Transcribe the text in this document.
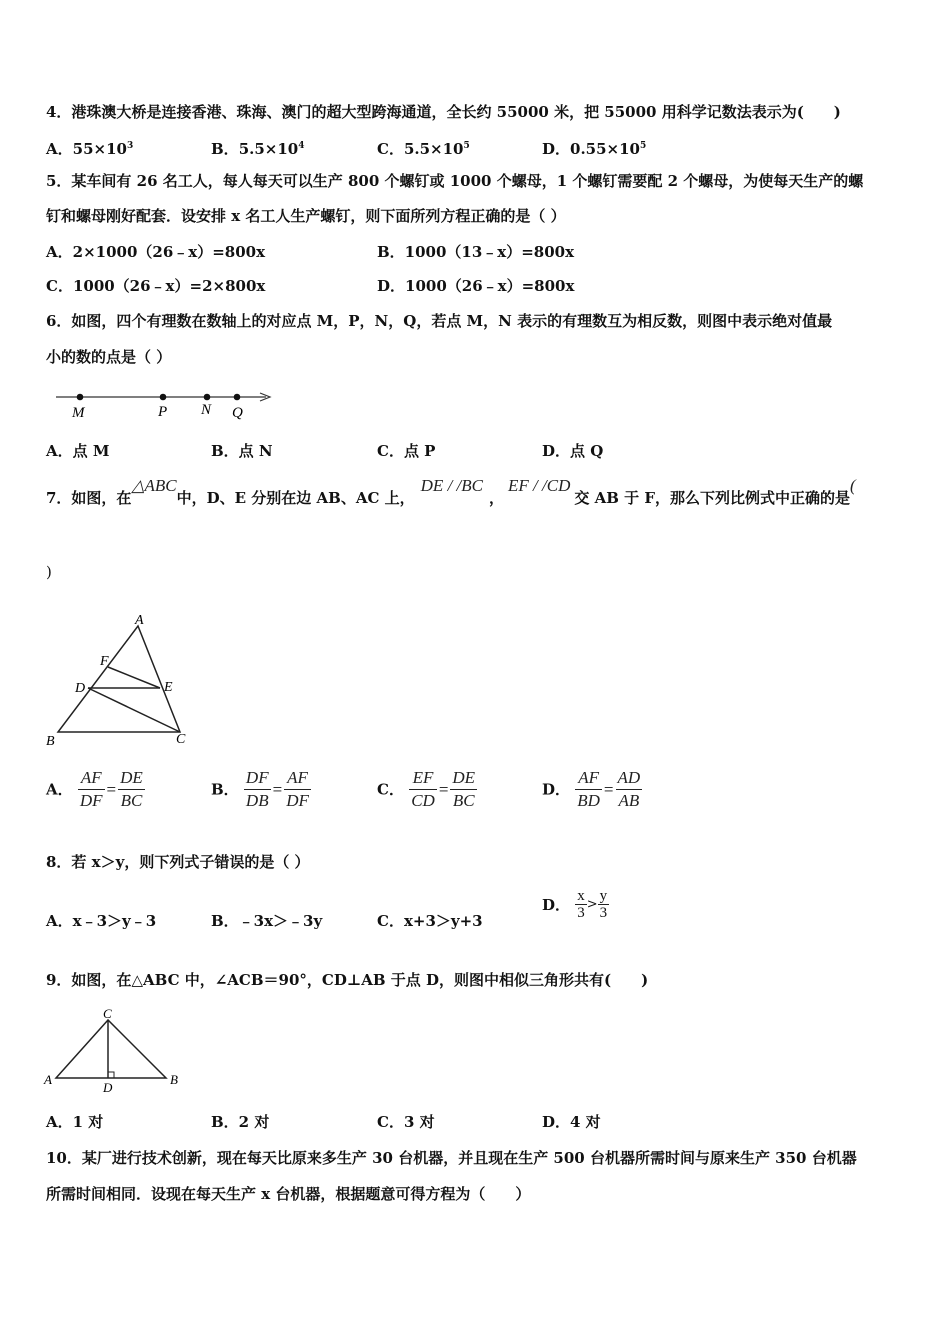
4．港珠澳大桥是连接香港、珠海、澳门的超大型跨海通道，全长约 55000 米，把 55000 用科学记数法表示为(　　)
A．$55\times 10^3$	B．$5.5\times 10^4$	C．$5.5\times 10^5$	D．$0.55\times 10^5$
5．某车间有 26 名工人，每人每天可以生产 800 个螺钉或 1000 个螺母，1 个螺钉需要配 2 个螺母，为使每天生产的螺
钉和螺母刚好配套．设安排 x 名工人生产螺钉，则下面所列方程正确的是（ ）
A．2×1000（26﹣x）=800x	B．1000（13﹣x）=800x
C．1000（26﹣x）=2×800x	D．1000（26﹣x）=800x
6．如图，四个有理数在数轴上的对应点 M，P，N，Q，若点 M，N 表示的有理数互为相反数，则图中表示绝对值最
小的数的点是（ ）
M	P N Q
A．点 M	B．点 N	C．点 P	D．点 Q
7．如图，在△ABC中，D、E 分别在边 AB、AC 上，DE / /BC，EF / /CD交 AB 于 F，那么下列比例式中正确的是(
)
A
F
D	E
B	C
A． $\frac{AF}{DF} = \frac{DE}{BC}$	B． $\frac{DF}{DB} = \frac{AF}{DF}$	C． $\frac{EF}{CD} = \frac{DE}{BC}$	D． $\frac{AF}{BD} = \frac{AD}{AB}$
8．若 x＞y，则下列式子错误的是（ ）
A．x﹣3＞y﹣3	B．﹣3x＞﹣3y	C．x+3＞y+3
D． $\frac{x}{3} > \frac{y}{3}$
9．如图，在△ABC 中，∠ACB＝90°，CD⊥AB 于点 D，则图中相似三角形共有(　　)
C
A
D
B
A．1 对	B．2 对	C．3 对	D．4 对
10．某厂进行技术创新，现在每天比原来多生产 30 台机器，并且现在生产 500 台机器所需时间与原来生产 350 台机器
所需时间相同．设现在每天生产 x 台机器，根据题意可得方程为（　　）
